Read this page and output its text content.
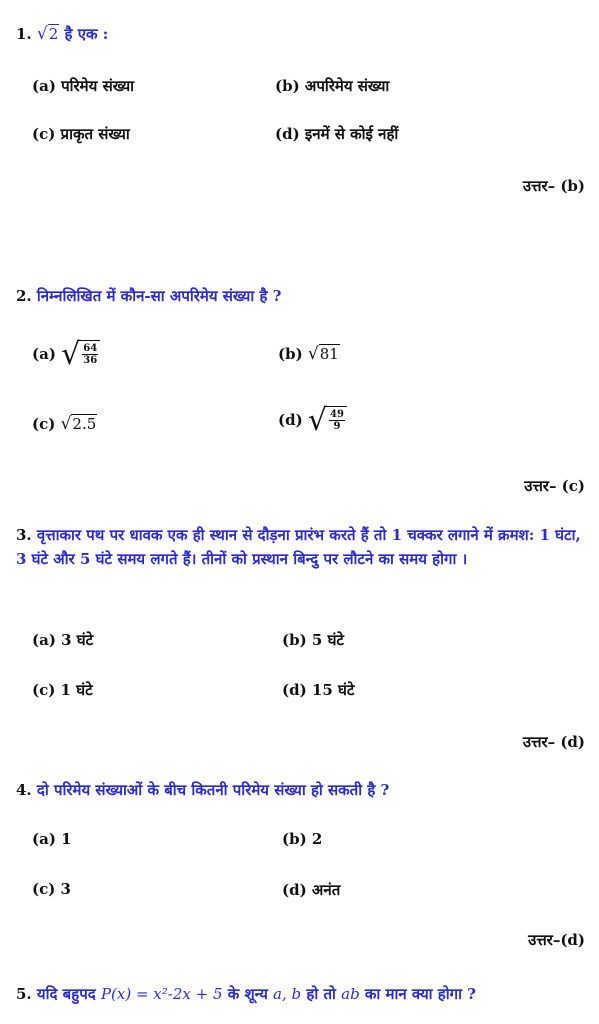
1. √2 है एक :
(a) परिमेय संख्या	(b) अपरिमेय संख्या
(c) प्राकृत संख्या	(d) इनमें से कोई नहीं
उत्तर– (b)
2. निम्नलिखित में कौन-सा अपरिमेय संख्या है ?
(a) √ $\frac{64}{36}$	(b) √81
(c) √2.5	(d) √ $\frac{49}{9}$
उत्तर– (c)
3. वृत्ताकार पथ पर धावक एक ही स्थान से दौड़ना प्रारंभ करते हैं तो 1 चक्कर लगाने में क्रमश: 1 घंटा, 3 घंटे और 5 घंटे समय लगते हैं। तीनों को प्रस्थान बिन्दु पर लौटने का समय होगा ।
(a) 3 घंटे	(b) 5 घंटे
(c) 1 घंटे	(d) 15 घंटे
उत्तर– (d)
4. दो परिमेय संख्याओं के बीच कितनी परिमेय संख्या हो सकती है ?
(a) 1	(b) 2
(c) 3	(d) अनंत
उत्तर–(d)
5. यदि बहुपद P(x) = x²-2x + 5 के शून्य a, b हो तो ab का मान क्या होगा ?
